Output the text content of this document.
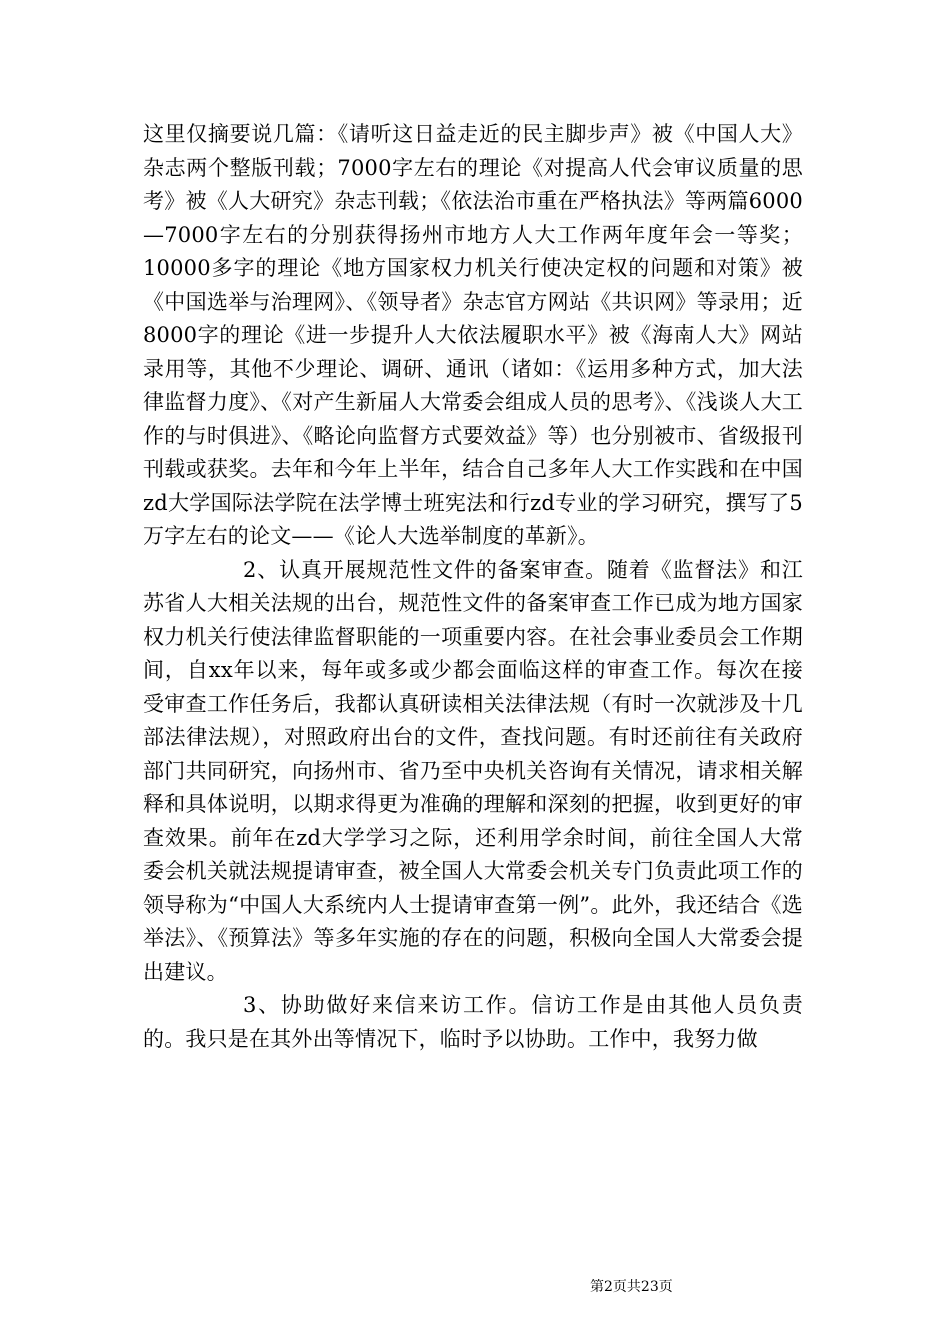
这里仅摘要说几篇：《请听这日益走近的民主脚步声》被《中国人大》杂志两个整版刊载；7000字左右的理论《对提高人代会审议质量的思考》被《人大研究》杂志刊载；《依法治市重在严格执法》等两篇6000—7000字左右的分别获得扬州市地方人大工作两年度年会一等奖；10000多字的理论《地方国家权力机关行使决定权的问题和对策》被《中国选举与治理网》、《领导者》杂志官方网站《共识网》等录用；近8000字的理论《进一步提升人大依法履职水平》被《海南人大》网站录用等，其他不少理论、调研、通讯（诸如：《运用多种方式，加大法律监督力度》、《对产生新届人大常委会组成人员的思考》、《浅谈人大工作的与时俱进》、《略论向监督方式要效益》等）也分别被市、省级报刊刊载或获奖。去年和今年上半年，结合自己多年人大工作实践和在中国zd大学国际法学院在法学博士班宪法和行zd专业的学习研究，撰写了5万字左右的论文——《论人大选举制度的革新》。

2、认真开展规范性文件的备案审查。随着《监督法》和江苏省人大相关法规的出台，规范性文件的备案审查工作已成为地方国家权力机关行使法律监督职能的一项重要内容。在社会事业委员会工作期间，自xx年以来，每年或多或少都会面临这样的审查工作。每次在接受审查工作任务后，我都认真研读相关法律法规（有时一次就涉及十几部法律法规），对照政府出台的文件，查找问题。有时还前往有关政府部门共同研究，向扬州市、省乃至中央机关咨询有关情况，请求相关解释和具体说明，以期求得更为准确的理解和深刻的把握，收到更好的审查效果。前年在zd大学学习之际，还利用学余时间，前往全国人大常委会机关就法规提请审查，被全国人大常委会机关专门负责此项工作的领导称为“中国人大系统内人士提请审查第一例”。此外，我还结合《选举法》、《预算法》等多年实施的存在的问题，积极向全国人大常委会提出建议。

3、协助做好来信来访工作。信访工作是由其他人员负责的。我只是在其外出等情况下，临时予以协助。工作中，我努力做

第2页共23页
